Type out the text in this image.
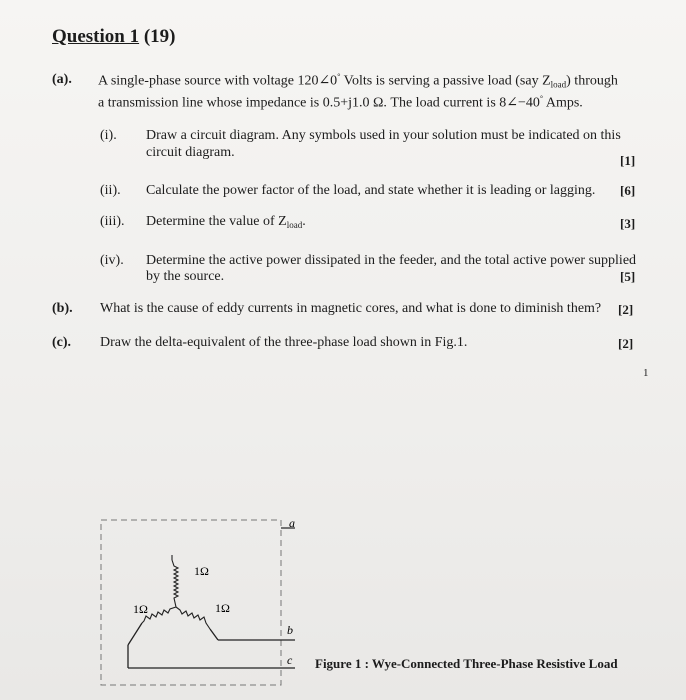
Question 1 (19)
(a). A single-phase source with voltage 120∠0° Volts is serving a passive load (say $Z_{load}$) through
a transmission line whose impedance is 0.5+j1.0 Ω. The load current is 8∠−40° Amps.
(i). Draw a circuit diagram. Any symbols used in your solution must be indicated on this
circuit diagram.
[1]
(ii). Calculate the power factor of the load, and state whether it is leading or lagging. [6]
(iii). Determine the value of $Z_{load}$.	[3]
(iv). Determine the active power dissipated in the feeder, and the total active power supplied
by the source.	[5]
(b). What is the cause of eddy currents in magnetic cores, and what is done to diminish them? [2]
(c). Draw the delta-equivalent of the three-phase load shown in Fig.1.	[2]
1
a
1Ω
1Ω
c
1Ω
b
Figure 1 : Wye-Connected Three-Phase Resistive Load
